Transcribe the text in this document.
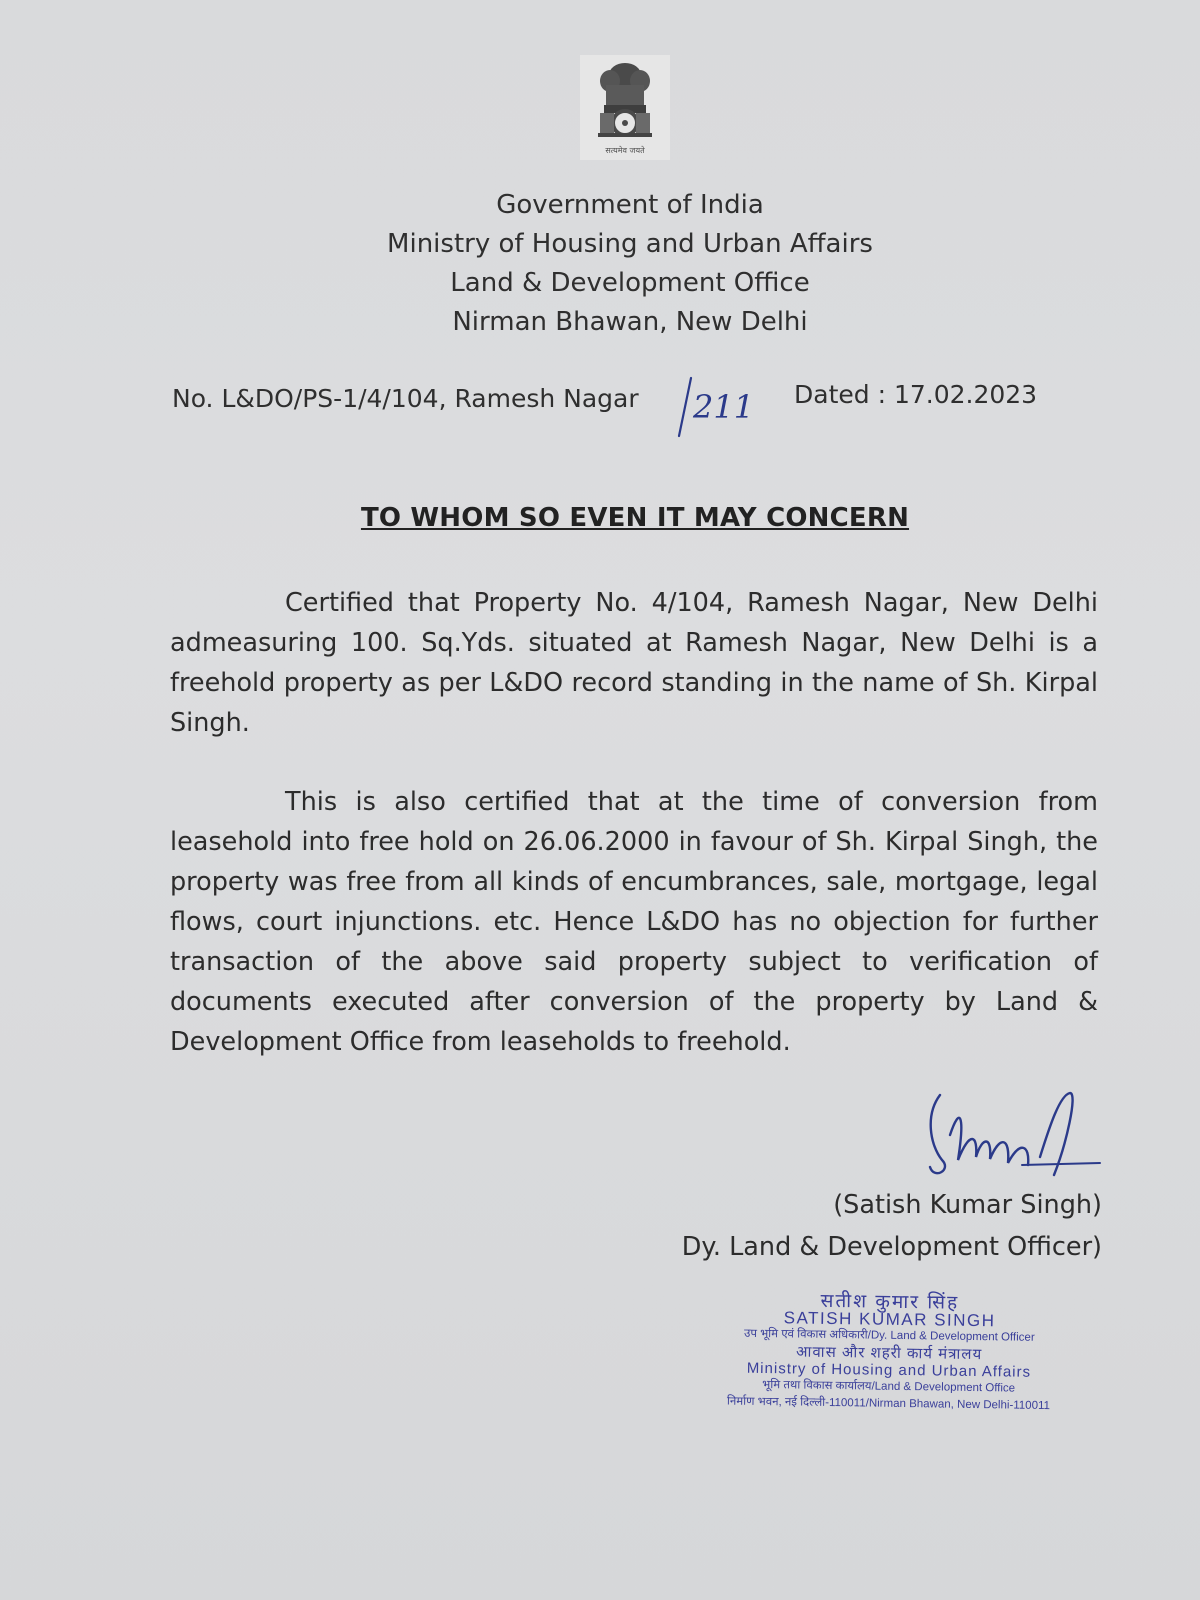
सत्यमेव जयते
Government of India
Ministry of Housing and Urban Affairs
Land & Development Office
Nirman Bhawan, New Delhi
No. L&DO/PS-1/4/104, Ramesh Nagar 211 Dated : 17.02.2023
TO WHOM SO EVEN IT MAY CONCERN

Certified that Property No. 4/104, Ramesh Nagar, New Delhi admeasuring 100. Sq.Yds. situated at Ramesh Nagar, New Delhi is a freehold property as per L&DO record standing in the name of Sh. Kirpal Singh.

This is also certified that at the time of conversion from leasehold into free hold on 26.06.2000 in favour of Sh. Kirpal Singh, the property was free from all kinds of encumbrances, sale, mortgage, legal flows, court injunctions. etc. Hence L&DO has no objection for further transaction of the above said property subject to verification of documents executed after conversion of the property by Land & Development Office from leaseholds to freehold.

(Satish Kumar Singh)
Dy. Land & Development Officer)
सतीश कुमार सिंह
SATISH KUMAR SINGH
उप भूमि एवं विकास अधिकारी/Dy. Land & Development Officer
आवास और शहरी कार्य मंत्रालय
Ministry of Housing and Urban Affairs
भूमि तथा विकास कार्यालय/Land & Development Office
निर्माण भवन, नई दिल्ली-110011/Nirman Bhawan, New Delhi-110011
